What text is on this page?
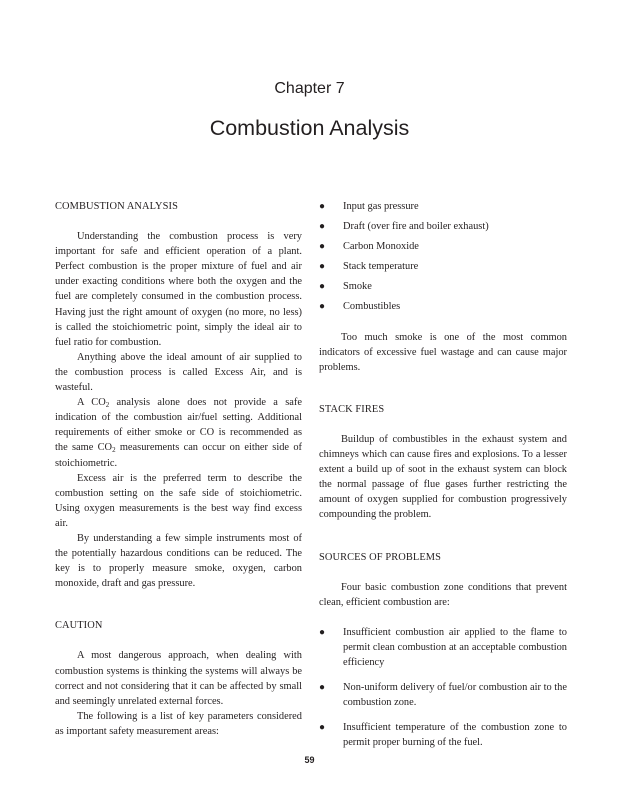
Chapter 7
Combustion Analysis
COMBUSTION ANALYSIS

Understanding the combustion process is very important for safe and efficient operation of a plant. Perfect combustion is the proper mixture of fuel and air under exacting conditions where both the oxygen and the fuel are completely consumed in the combustion process. Having just the right amount of oxygen (no more, no less) is called the stoichiometric point, simply the ideal air to fuel ratio for combustion.

Anything above the ideal amount of air supplied to the combustion process is called Excess Air, and is wasteful.

A $CO_2$ analysis alone does not provide a safe indication of the combustion air/fuel setting. Additional requirements of either smoke or CO is recommended as the same $CO_2$ measurements can occur on either side of stoichiometric.

Excess air is the preferred term to describe the combustion setting on the safe side of stoichiometric. Using oxygen measurements is the best way find excess air.

By understanding a few simple instruments most of the potentially hazardous conditions can be reduced. The key is to properly measure smoke, oxygen, carbon monoxide, draft and gas pressure.

CAUTION

A most dangerous approach, when dealing with combustion systems is thinking the systems will always be correct and not considering that it can be affected by small and seemingly unrelated external forces.

The following is a list of key parameters considered as important safety measurement areas:

●	Input gas pressure
●	Draft (over fire and boiler exhaust)
●	Carbon Monoxide
●	Stack temperature
●	Smoke
●	Combustibles

Too much smoke is one of the most common indicators of excessive fuel wastage and can cause major problems.

STACK FIRES

Buildup of combustibles in the exhaust system and chimneys which can cause fires and explosions. To a lesser extent a build up of soot in the exhaust system can block the normal passage of flue gases further restricting the amount of oxygen supplied for combustion progressively compounding the problem.

SOURCES OF PROBLEMS

Four basic combustion zone conditions that prevent clean, efficient combustion are:

●	Insufficient combustion air applied to the flame to permit clean combustion at an acceptable combustion efficiency
●	Non-uniform delivery of fuel/or combustion air to the combustion zone.
●	Insufficient temperature of the combustion zone to permit proper burning of the fuel.
59
